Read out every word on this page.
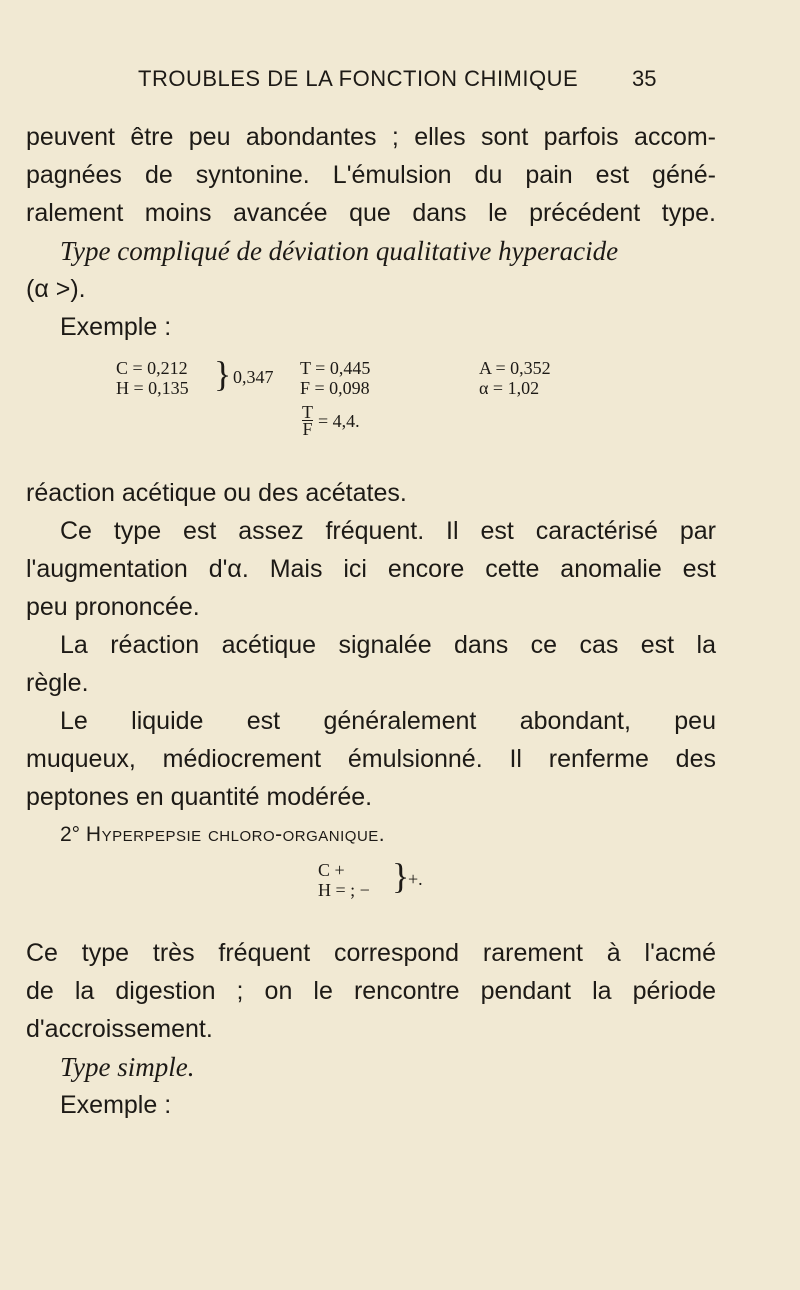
TROUBLES DE LA FONCTION CHIMIQUE 35
peuvent être peu abondantes ; elles sont parfois accom-
pagnées de syntonine. L'émulsion du pain est géné-
ralement moins avancée que dans le précédent type.
Type compliqué de déviation qualitative hyperacide
(α >).
Exemple :
C = 0,212
H = 0,135 } 0,347 T = 0,445
F = 0,098
A = 0,352
α = 1,02
$\frac{T}{F} = 4,4$.
réaction acétique ou des acétates.
Ce type est assez fréquent. Il est caractérisé par
l'augmentation d'α. Mais ici encore cette anomalie est
peu prononcée.
La réaction acétique signalée dans ce cas est la
règle.
Le liquide est généralement abondant, peu
muqueux, médiocrement émulsionné. Il renferme des
peptones en quantité modérée.
2° Hyperpepsie chloro-organique.
C +
H = ; − }
+.
Ce type très fréquent correspond rarement à l'acmé
de la digestion ; on le rencontre pendant la période
d'accroissement.
Type simple.
Exemple :
